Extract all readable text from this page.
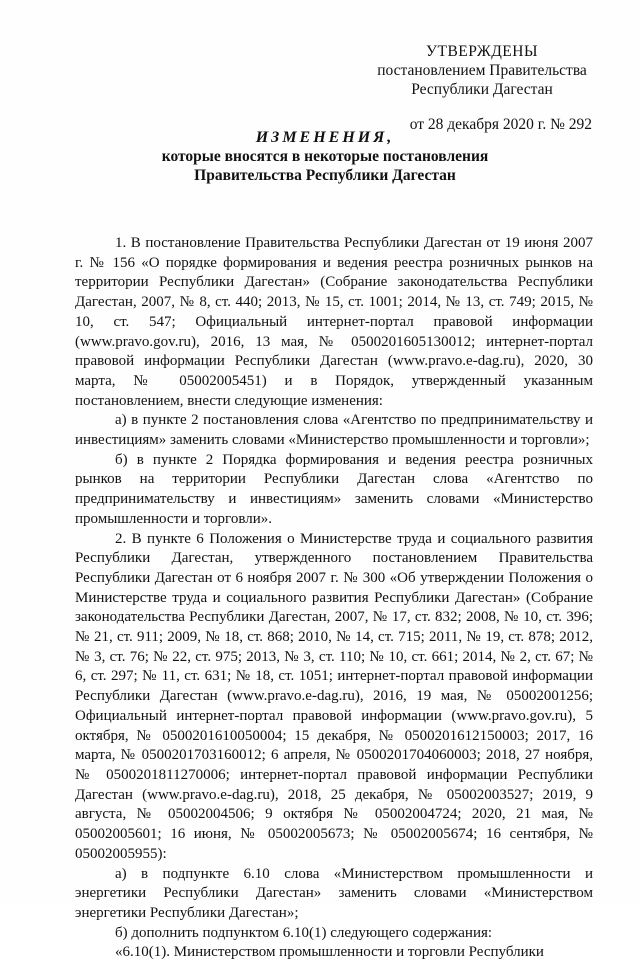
УТВЕРЖДЕНЫ
постановлением Правительства
Республики Дагестан
от 28 декабря 2020 г. № 292
ИЗМЕНЕНИЯ,
которые вносятся в некоторые постановления
Правительства Республики Дагестан

1. В постановление Правительства Республики Дагестан от 19 июня 2007 г. № 156 «О порядке формирования и ведения реестра розничных рынков на территории Республики Дагестан» (Собрание законодательства Республики Дагестан, 2007, № 8, ст. 440; 2013, № 15, ст. 1001; 2014, № 13, ст. 749; 2015, № 10, ст. 547; Официальный интернет-портал правовой информации (www.pravo.gov.ru), 2016, 13 мая, № 0500201605130012; интернет-портал правовой информации Республики Дагестан (www.pravo.e-dag.ru), 2020, 30 марта, № 05002005451) и в Порядок, утвержденный указанным постановлением, внести следующие изменения:

а) в пункте 2 постановления слова «Агентство по предпринимательству и инвестициям» заменить словами «Министерство промышленности и торговли»;

б) в пункте 2 Порядка формирования и ведения реестра розничных рынков на территории Республики Дагестан слова «Агентство по предпринимательству и инвестициям» заменить словами «Министерство промышленности и торговли».

2. В пункте 6 Положения о Министерстве труда и социального развития Республики Дагестан, утвержденного постановлением Правительства Республики Дагестан от 6 ноября 2007 г. № 300 «Об утверждении Положения о Министерстве труда и социального развития Республики Дагестан» (Собрание законодательства Республики Дагестан, 2007, № 17, ст. 832; 2008, № 10, ст. 396; № 21, ст. 911; 2009, № 18, ст. 868; 2010, № 14, ст. 715; 2011, № 19, ст. 878; 2012, № 3, ст. 76; № 22, ст. 975; 2013, № 3, ст. 110; № 10, ст. 661; 2014, № 2, ст. 67; № 6, ст. 297; № 11, ст. 631; № 18, ст. 1051; интернет-портал правовой информации Республики Дагестан (www.pravo.e-dag.ru), 2016, 19 мая, № 05002001256; Официальный интернет-портал правовой информации (www.pravo.gov.ru), 5 октября, № 0500201610050004; 15 декабря, № 0500201612150003; 2017, 16 марта, № 0500201703160012; 6 апреля, № 0500201704060003; 2018, 27 ноября, № 0500201811270006; интернет-портал правовой информации Республики Дагестан (www.pravo.e-dag.ru), 2018, 25 декабря, № 05002003527; 2019, 9 августа, № 05002004506; 9 октября № 05002004724; 2020, 21 мая, № 05002005601; 16 июня, № 05002005673; № 05002005674; 16 сентября, № 05002005955):

а) в подпункте 6.10 слова «Министерством промышленности и энергетики Республики Дагестан» заменить словами «Министерством энергетики Республики Дагестан»;

б) дополнить подпунктом 6.10(1) следующего содержания:

«6.10(1). Министерством промышленности и торговли Республики
